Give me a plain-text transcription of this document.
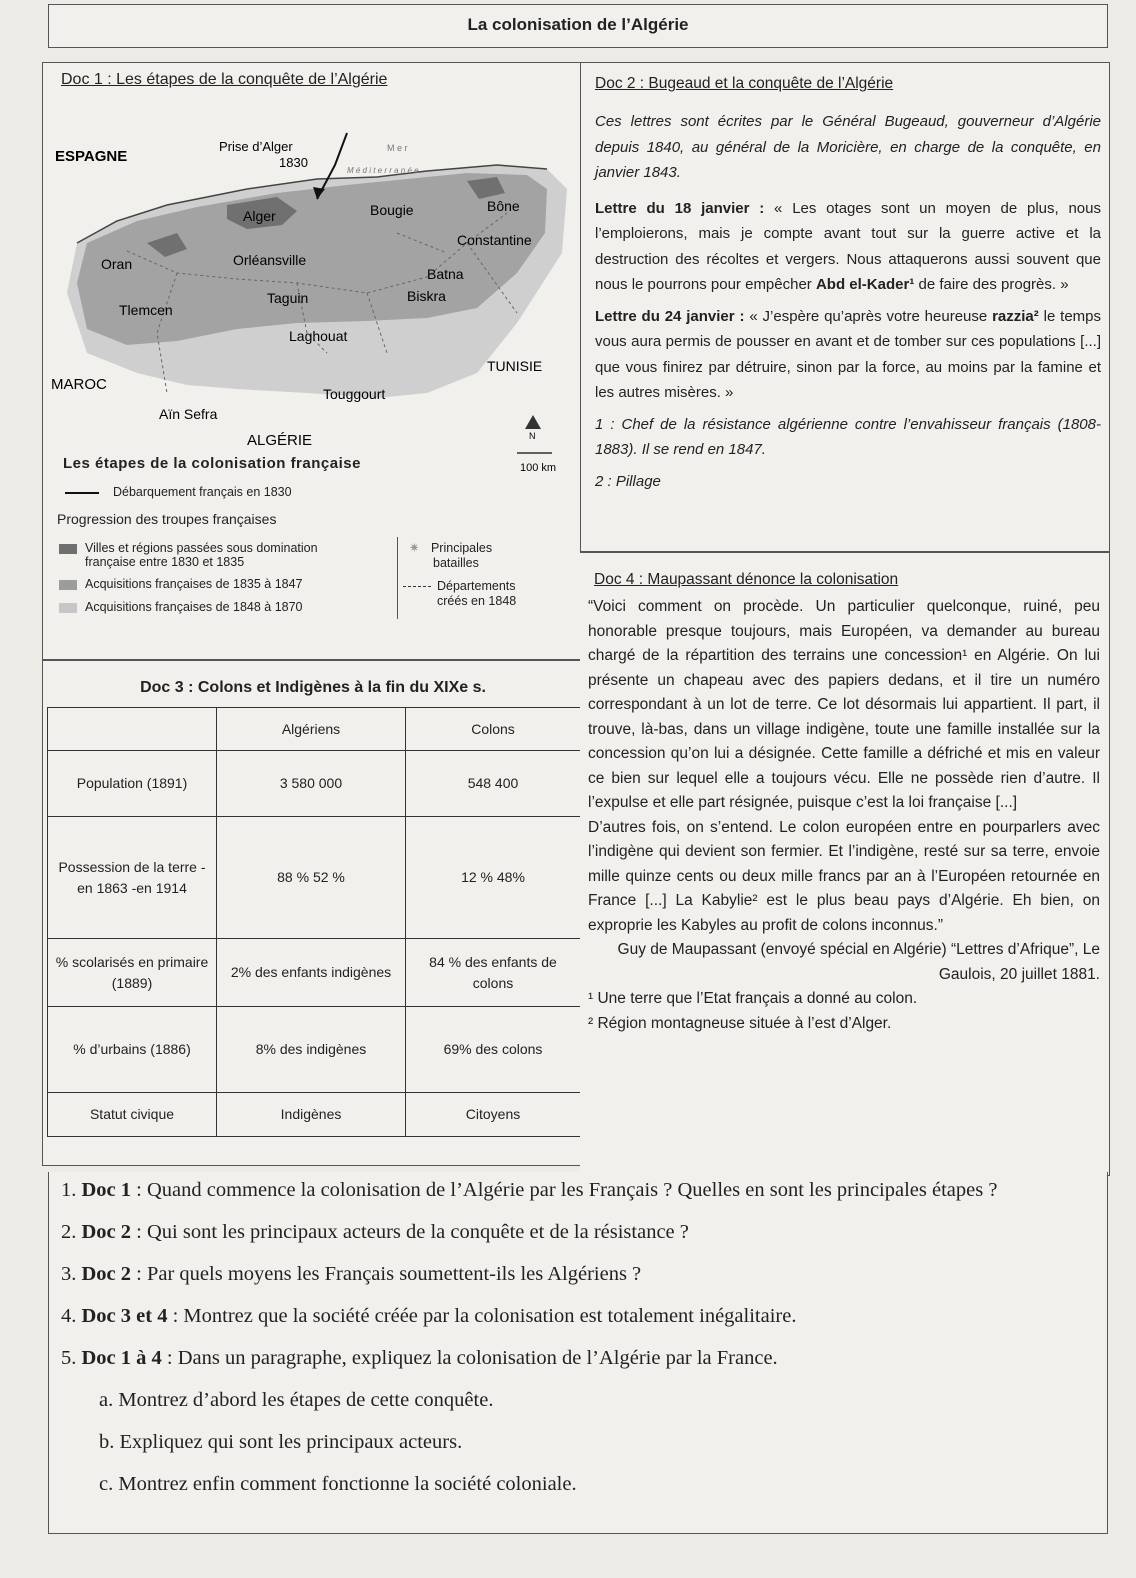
La colonisation de l’Algérie
Doc 1 : Les étapes de la conquête de l’Algérie
ESPAGNE
Prise d’Alger
1830
M e r
M é d i t e r r a n é e
Alger	Bougie	Bône
Constantine
Oran	Orléansville
Batna
Biskra
Tlemcen
Taguin
Laghouat
TUNISIE
MAROC
Touggourt
Aïn Sefra
ALGÉRIE	N
100 km
Les étapes de la colonisation française
Débarquement français en 1830
Progression des troupes françaises
Villes et régions passées sous domination
française entre 1830 et 1835
Acquisitions françaises de 1835 à 1847
Acquisitions françaises de 1848 à 1870
✷ Principales
batailles
Départements
créés en 1848
Doc 2 : Bugeaud et la conquête de l’Algérie

Ces lettres sont écrites par le Général Bugeaud, gouverneur d’Algérie depuis 1840, au général de la Moricière, en charge de la conquête, en janvier 1843.

Lettre du 18 janvier : « Les otages sont un moyen de plus, nous l’emploierons, mais je compte avant tout sur la guerre active et la destruction des récoltes et vergers. Nous attaquerons aussi souvent que nous le pourrons pour empêcher Abd el-Kader¹ de faire des progrès. »

Lettre du 24 janvier : « J’espère qu’après votre heureuse razzia² le temps vous aura permis de pousser en avant et de tomber sur ces populations [...] que vous finirez par détruire, sinon par la force, au moins par la famine et les autres misères. »

1 : Chef de la résistance algérienne contre l’envahisseur français (1808-1883). Il se rend en 1847.

2 : Pillage

Doc 3 : Colons et Indigènes à la fin du XIXe s.
	Algériens	Colons
Population (1891)	3 580 000	548 400
Possession de la terre -en 1863 -en 1914	88 % 52 %	12 % 48%
% scolarisés en primaire (1889)	2% des enfants indigènes	84 % des enfants de colons
% d’urbains (1886)	8% des indigènes	69% des colons
Statut civique	Indigènes	Citoyens
Doc 4 : Maupassant dénonce la colonisation

“Voici comment on procède. Un particulier quelconque, ruiné, peu honorable presque toujours, mais Européen, va demander au bureau chargé de la répartition des terrains une concession¹ en Algérie. On lui présente un chapeau avec des papiers dedans, et il tire un numéro correspondant à un lot de terre. Ce lot désormais lui appartient. Il part, il trouve, là-bas, dans un village indigène, toute une famille installée sur la concession qu’on lui a désignée. Cette famille a défriché et mis en valeur ce bien sur lequel elle a toujours vécu. Elle ne possède rien d’autre. Il l’expulse et elle part résignée, puisque c’est la loi française [...]

D’autres fois, on s’entend. Le colon européen entre en pourparlers avec l’indigène qui devient son fermier. Et l’indigène, resté sur sa terre, envoie mille quinze cents ou deux mille francs par an à l’Européen retournée en France [...] La Kabylie² est le plus beau pays d’Algérie. Eh bien, on exproprie les Kabyles au profit de colons inconnus.”

Guy de Maupassant (envoyé spécial en Algérie) “Lettres d’Afrique”, Le Gaulois, 20 juillet 1881.

¹ Une terre que l’Etat français a donné au colon.

² Région montagneuse située à l’est d’Alger.

1. Doc 1 : Quand commence la colonisation de l’Algérie par les Français ? Quelles en sont les principales étapes ?

2. Doc 2 : Qui sont les principaux acteurs de la conquête et de la résistance ?

3. Doc 2 : Par quels moyens les Français soumettent-ils les Algériens ?

4. Doc 3 et 4 : Montrez que la société créée par la colonisation est totalement inégalitaire.

5. Doc 1 à 4 : Dans un paragraphe, expliquez la colonisation de l’Algérie par la France.

a. Montrez d’abord les étapes de cette conquête.

b. Expliquez qui sont les principaux acteurs.

c. Montrez enfin comment fonctionne la société coloniale.
